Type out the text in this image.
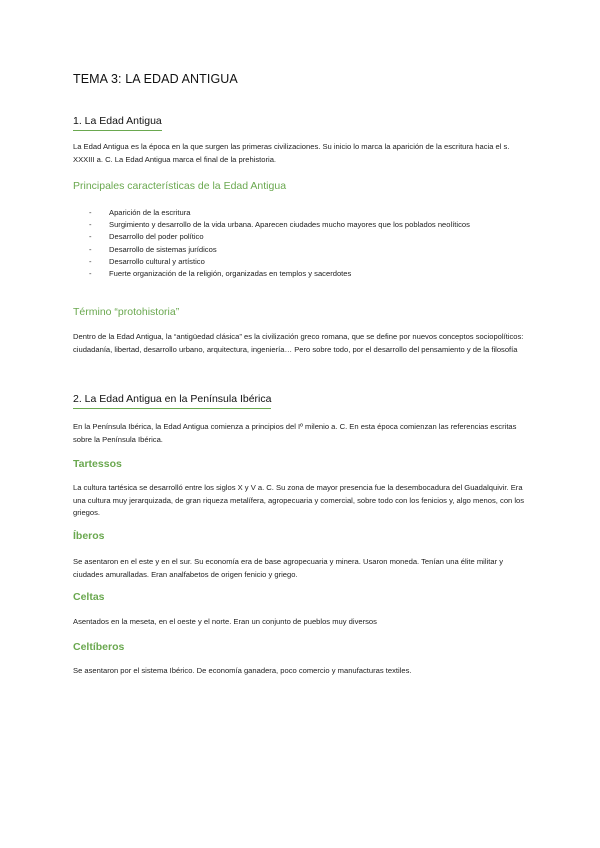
TEMA 3: LA EDAD ANTIGUA
1. La Edad Antigua
La Edad Antigua es la época en la que surgen las primeras civilizaciones. Su inicio lo marca la aparición de la escritura hacia el s. XXXIII a. C. La Edad Antigua marca el final de la prehistoria.
Principales características de la Edad Antigua
- Aparición de la escritura
- Surgimiento y desarrollo de la vida urbana. Aparecen ciudades mucho mayores que los poblados neolíticos
- Desarrollo del poder político
- Desarrollo de sistemas jurídicos
- Desarrollo cultural y artístico
- Fuerte organización de la religión, organizadas en templos y sacerdotes
Término “protohistoria”
Dentro de la Edad Antigua, la “antigüedad clásica” es la civilización greco romana, que se define por nuevos conceptos sociopolíticos: ciudadanía, libertad, desarrollo urbano, arquitectura, ingeniería… Pero sobre todo, por el desarrollo del pensamiento y de la filosofía
2. La Edad Antigua en la Península Ibérica
En la Península Ibérica, la Edad Antigua comienza a principios del Iº milenio a. C. En esta época comienzan las referencias escritas sobre la Península Ibérica.
Tartessos
La cultura tartésica se desarrolló entre los siglos X y V a. C. Su zona de mayor presencia fue la desembocadura del Guadalquivir. Era una cultura muy jerarquizada, de gran riqueza metalífera, agropecuaria y comercial, sobre todo con los fenicios y, algo menos, con los griegos.
Íberos
Se asentaron en el este y en el sur. Su economía era de base agropecuaria y minera. Usaron moneda. Tenían una élite militar y ciudades amuralladas. Eran analfabetos de origen fenicio y griego.
Celtas
Asentados en la meseta, en el oeste y el norte. Eran un conjunto de pueblos muy diversos
Celtíberos
Se asentaron por el sistema Ibérico. De economía ganadera, poco comercio y manufacturas textiles.
